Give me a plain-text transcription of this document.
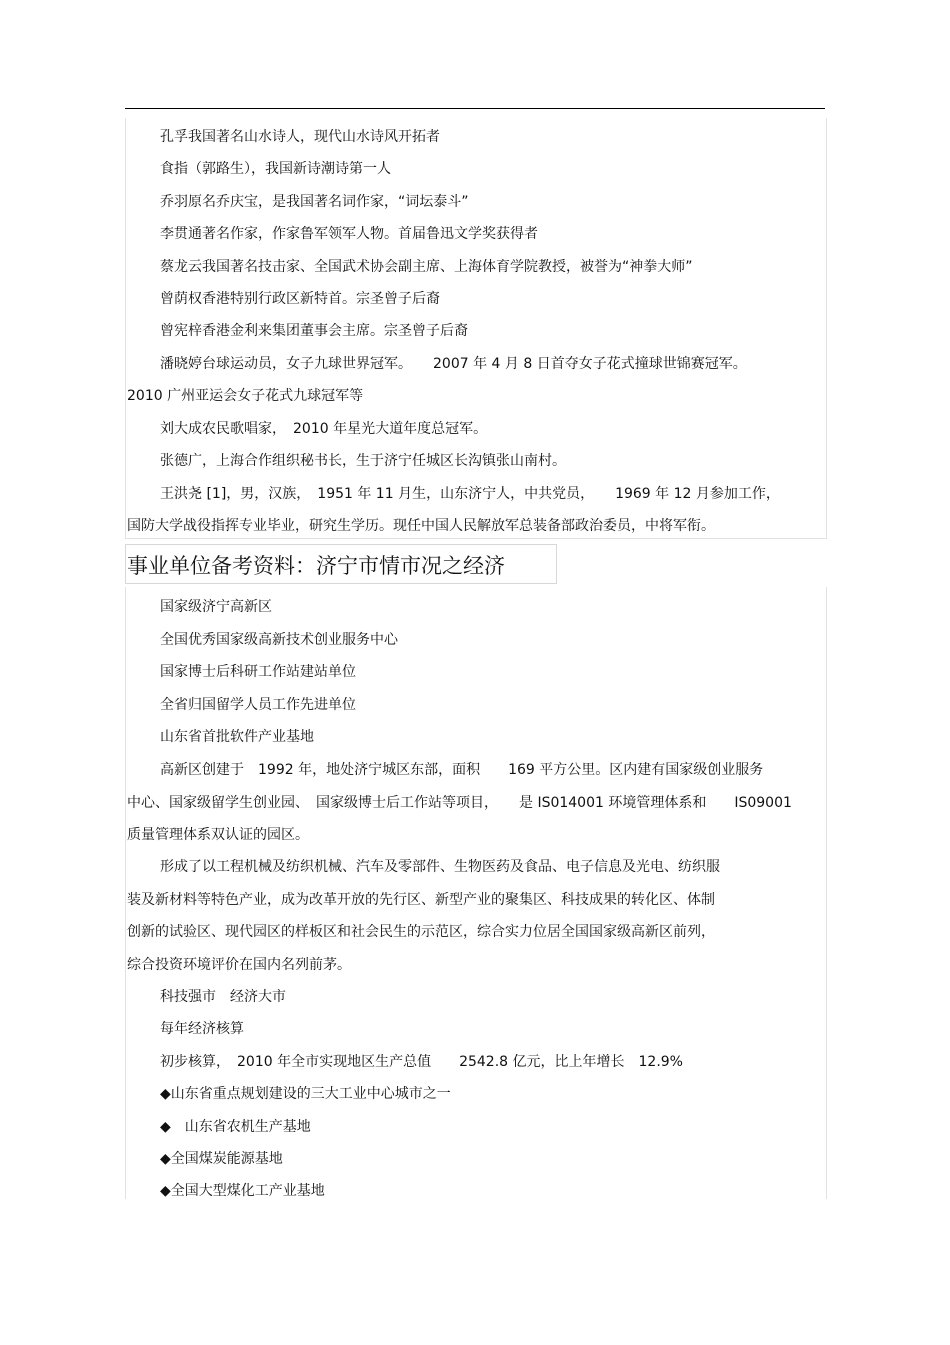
孔孚我国著名山水诗人，现代山水诗风开拓者
食指（郭路生），我国新诗潮诗第一人
乔羽原名乔庆宝，是我国著名词作家，“词坛泰斗”
李贯通著名作家，作家鲁军领军人物。首届鲁迅文学奖获得者
蔡龙云我国著名技击家、全国武术协会副主席、上海体育学院教授，被誉为“神拳大师”
曾荫权香港特别行政区新特首。宗圣曾子后裔
曾宪梓香港金利来集团董事会主席。宗圣曾子后裔
潘晓婷台球运动员，女子九球世界冠军。　　2007 年 4 月 8 日首夺女子花式撞球世锦赛冠军。
2010 广州亚运会女子花式九球冠军等
刘大成农民歌唱家，　2010 年星光大道年度总冠军。
张德广，上海合作组织秘书长，生于济宁任城区长沟镇张山南村。
王洪尧 [1]，男，汉族，　1951 年 11 月生，山东济宁人，中共党员，　　1969 年 12 月参加工作，
国防大学战役指挥专业毕业，研究生学历。现任中国人民解放军总装备部政治委员，中将军衔。
事业单位备考资料：济宁市情市况之经济
国家级济宁高新区
全国优秀国家级高新技术创业服务中心
国家博士后科研工作站建站单位
全省归国留学人员工作先进单位
山东省首批软件产业基地
高新区创建于　1992 年，地处济宁城区东部，面积　　169 平方公里。区内建有国家级创业服务
中心、国家级留学生创业园、　国家级博士后工作站等项目，　　是 IS014001 环境管理体系和　　IS09001
质量管理体系双认证的园区。
形成了以工程机械及纺织机械、汽车及零部件、生物医药及食品、电子信息及光电、纺织服
装及新材料等特色产业，成为改革开放的先行区、新型产业的聚集区、科技成果的转化区、体制
创新的试验区、现代园区的样板区和社会民生的示范区，综合实力位居全国国家级高新区前列，
综合投资环境评价在国内名列前茅。
科技强市　经济大市
每年经济核算
初步核算，　2010 年全市实现地区生产总值　　2542.8 亿元，比上年增长　12.9%
◆山东省重点规划建设的三大工业中心城市之一
◆　山东省农机生产基地
◆全国煤炭能源基地
◆全国大型煤化工产业基地
